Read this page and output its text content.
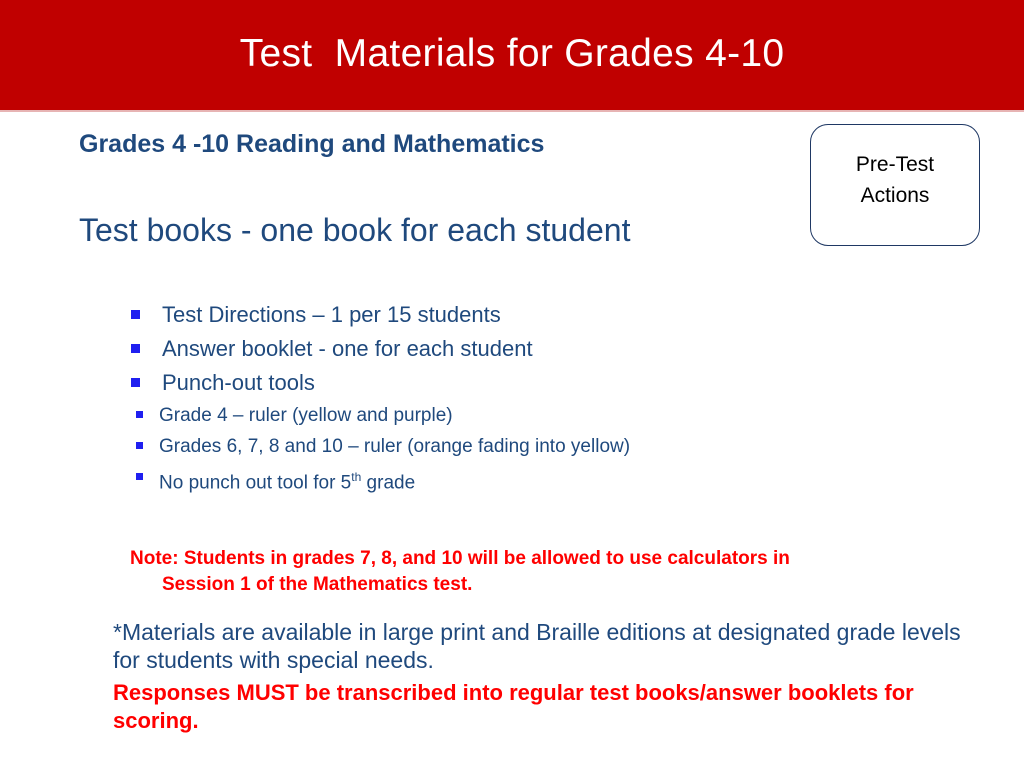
Test  Materials for Grades 4-10
Grades 4 -10 Reading and Mathematics
Test books - one book for each student
Pre-Test
Actions
Test Directions – 1 per 15 students
Answer booklet - one for each student
Punch-out tools
Grade 4 – ruler (yellow and purple)
Grades 6, 7, 8 and 10 – ruler (orange fading into yellow)
No punch out tool for 5th grade
Note: Students in grades 7, 8, and 10 will be allowed to use calculators in
Session 1 of the Mathematics test.
*Materials are available in large print and Braille editions at designated grade levels for students with special needs.
Responses MUST be transcribed into regular test books/answer booklets for scoring.
